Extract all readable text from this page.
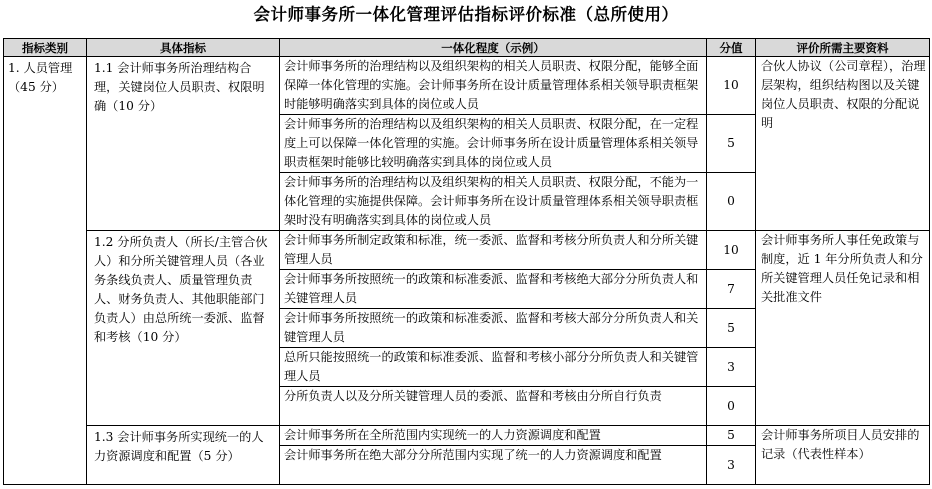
会计师事务所一体化管理评估指标评价标准（总所使用）
指标类别	具体指标	一体化程度（示例）	分值	评价所需主要资料
1. 人员管理（45 分）	1.1 会计师事务所治理结构合理，关键岗位人员职责、权限明确（10 分）	会计师事务所的治理结构以及组织架构的相关人员职责、权限分配，能够全面保障一体化管理的实施。会计师事务所在设计质量管理体系相关领导职责框架时能够明确落实到具体的岗位或人员	10	合伙人协议（公司章程），治理层架构，组织结构图以及关键岗位人员职责、权限的分配说明
		会计师事务所的治理结构以及组织架构的相关人员职责、权限分配，在一定程度上可以保障一体化管理的实施。会计师事务所在设计质量管理体系相关领导职责框架时能够比较明确落实到具体的岗位或人员	5	
		会计师事务所的治理结构以及组织架构的相关人员职责、权限分配，不能为一体化管理的实施提供保障。会计师事务所在设计质量管理体系相关领导职责框架时没有明确落实到具体的岗位或人员	0	
	1.2 分所负责人（所长/主管合伙人）和分所关键管理人员（各业务条线负责人、质量管理负责人、财务负责人、其他职能部门负责人）由总所统一委派、监督和考核（10 分）	会计师事务所制定政策和标准，统一委派、监督和考核分所负责人和分所关键管理人员	10	会计师事务所人事任免政策与制度，近 1 年分所负责人和分所关键管理人员任免记录和相关批准文件
		会计师事务所按照统一的政策和标准委派、监督和考核绝大部分分所负责人和关键管理人员	7	
		会计师事务所按照统一的政策和标准委派、监督和考核大部分分所负责人和关键管理人员	5	
		总所只能按照统一的政策和标准委派、监督和考核小部分分所负责人和关键管理人员	3	
		分所负责人以及分所关键管理人员的委派、监督和考核由分所自行负责	0	
	1.3 会计师事务所实现统一的人力资源调度和配置（5 分）	会计师事务所在全所范围内实现统一的人力资源调度和配置	5	会计师事务所项目人员安排的记录（代表性样本）
		会计师事务所在绝大部分分所范围内实现了统一的人力资源调度和配置	3	
